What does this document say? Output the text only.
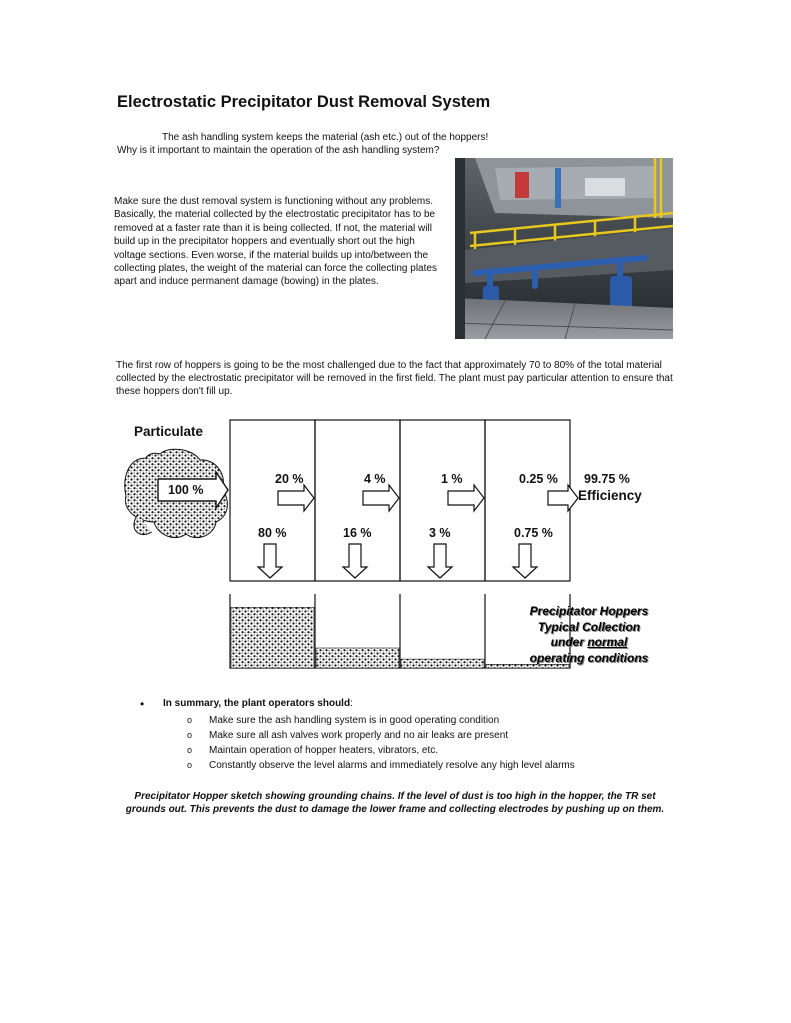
Electrostatic Precipitator Dust Removal System
The ash handling system keeps the material (ash etc.) out of the hoppers!
Why is it important to maintain the operation of the ash handling system?

Make sure the dust removal system is functioning without any problems. Basically, the material collected by the electrostatic precipitator has to be removed at a faster rate than it is being collected. If not, the material will build up in the precipitator hoppers and eventually short out the high voltage sections. Even worse, if the material builds up into/between the collecting plates, the weight of the material can force the collecting plates apart and induce permanent damage (bowing) in the plates.

The first row of hoppers is going to be the most challenged due to the fact that approximately 70 to 80% of the total material collected by the electrostatic precipitator will be removed in the first field. The plant must pay particular attention to ensure that these hoppers don't fill up.
Particulate
100 %
20 %	4 %	1 %	0.25 % 99.75 %
Efficiency
80 %	16 %	3 %	0.75 %
Precipitator Hoppers
Typical Collection
under normal
operating conditions
• In summary, the plant operators should:
o Make sure the ash handling system is in good operating condition
o Make sure all ash valves work properly and no air leaks are present
o Maintain operation of hopper heaters, vibrators, etc.
o Constantly observe the level alarms and immediately resolve any high level alarms
Precipitator Hopper sketch showing grounding chains. If the level of dust is too high in the hopper, the TR set grounds out. This prevents the dust to damage the lower frame and collecting electrodes by pushing up on them.
